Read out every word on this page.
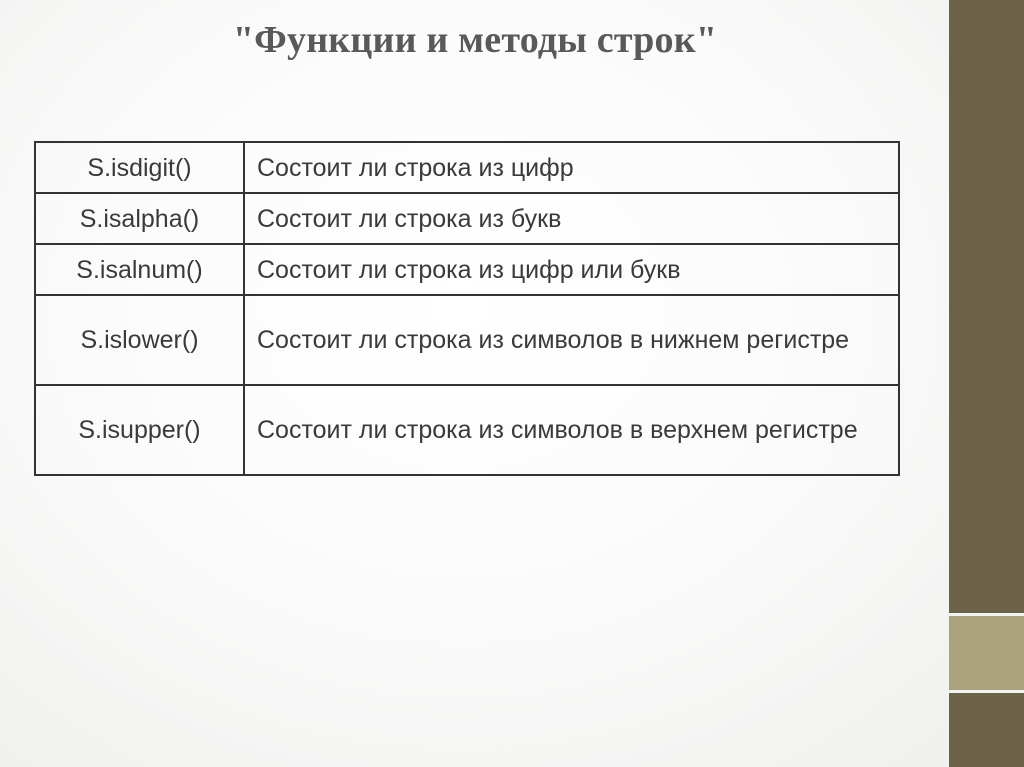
"Функции и методы строк"
S.isdigit()	Состоит ли строка из цифр
S.isalpha()	Состоит ли строка из букв
S.isalnum()	Состоит ли строка из цифр или букв
S.islower()	Состоит ли строка из символов в нижнем регистре
S.isupper()	Состоит ли строка из символов в верхнем регистре
